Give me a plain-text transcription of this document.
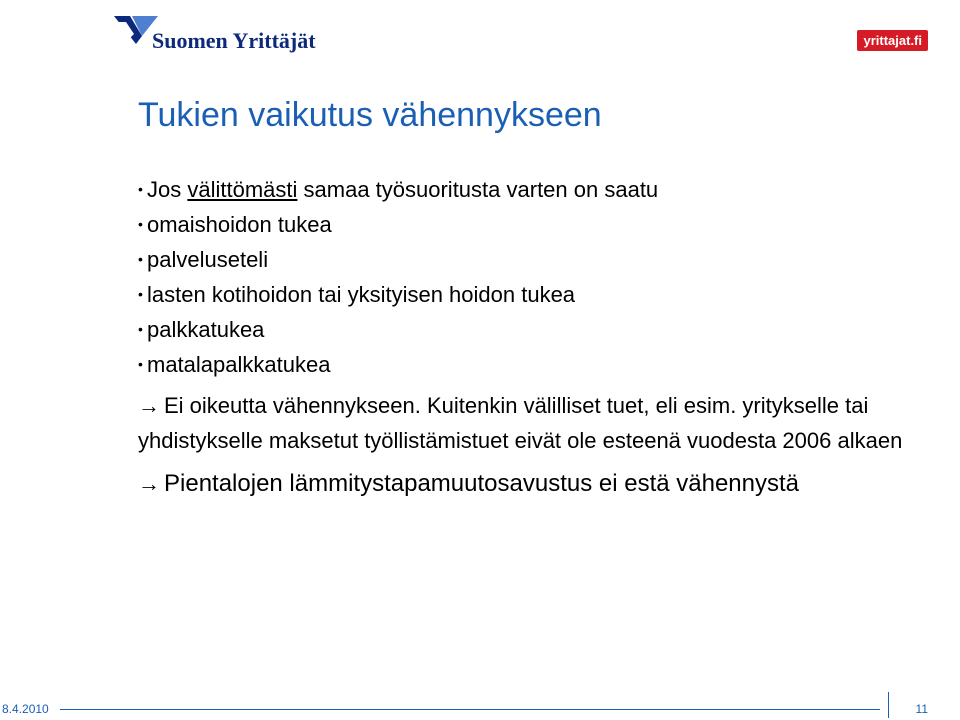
Suomen Yrittäjät	yrittajat.fi
Tukien vaikutus vähennykseen
• Jos välittömästi samaa työsuoritusta varten on saatu
• omaishoidon tukea
• palveluseteli
• lasten kotihoidon tai yksityisen hoidon tukea
• palkkatukea
• matalapalkkatukea
→ Ei oikeutta vähennykseen. Kuitenkin välilliset tuet, eli esim. yritykselle tai yhdistykselle maksetut työllistämistuet eivät ole esteenä vuodesta 2006 alkaen
→ Pientalojen lämmitystapamuutosavustus ei estä vähennystä
8.4.2010	11
